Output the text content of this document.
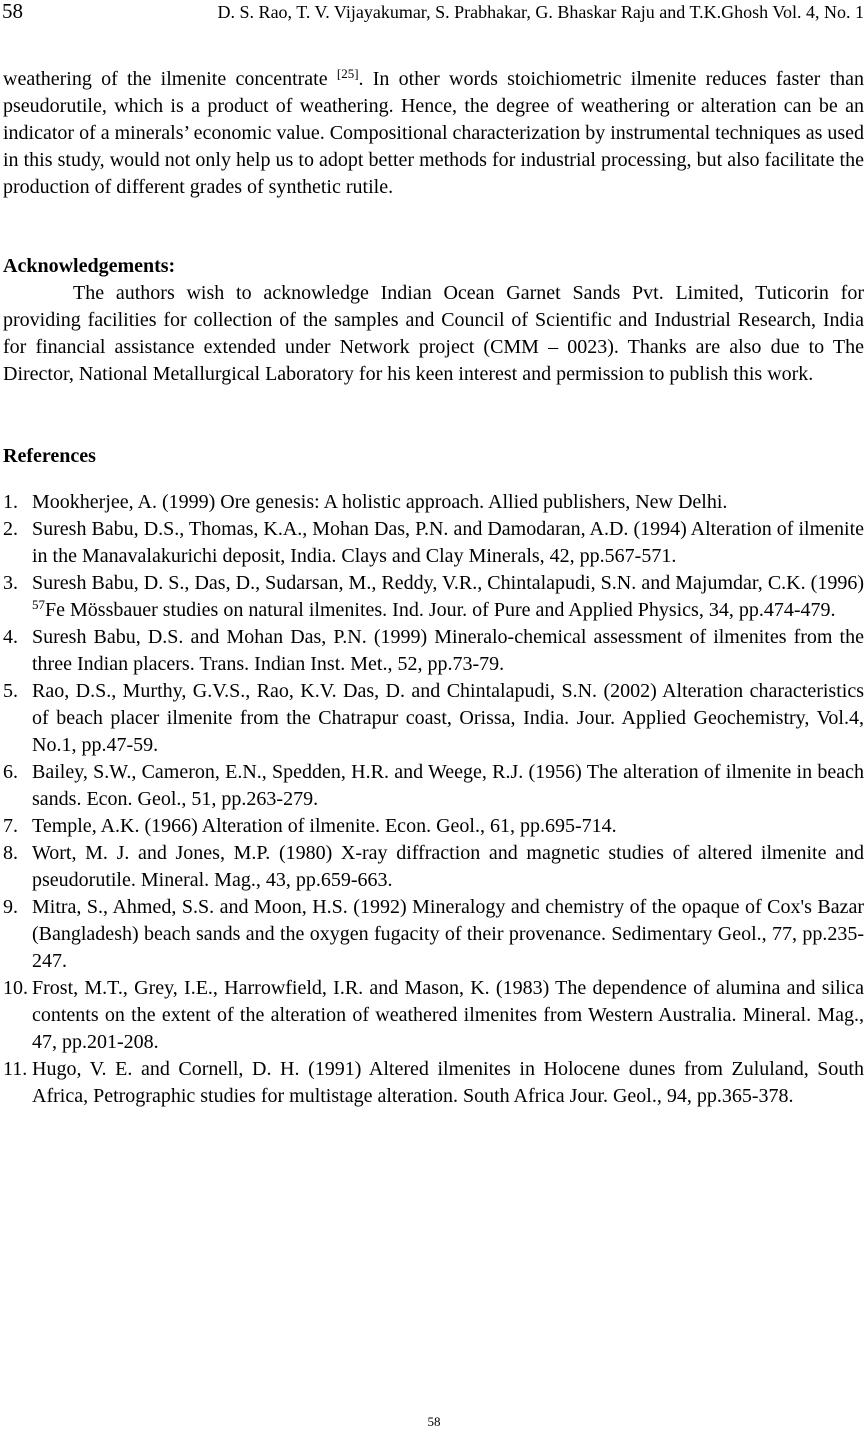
58	D. S. Rao, T. V. Vijayakumar, S. Prabhakar, G. Bhaskar Raju and T.K.Ghosh Vol. 4, No. 1

weathering of the ilmenite concentrate [25]. In other words stoichiometric ilmenite reduces faster than pseudorutile, which is a product of weathering. Hence, the degree of weathering or alteration can be an indicator of a minerals’ economic value. Compositional characterization by instrumental techniques as used in this study, would not only help us to adopt better methods for industrial processing, but also facilitate the production of different grades of synthetic rutile.

Acknowledgements:

The authors wish to acknowledge Indian Ocean Garnet Sands Pvt. Limited, Tuticorin for providing facilities for collection of the samples and Council of Scientific and Industrial Research, India for financial assistance extended under Network project (CMM – 0023). Thanks are also due to The Director, National Metallurgical Laboratory for his keen interest and permission to publish this work.

References
1. Mookherjee, A. (1999) Ore genesis: A holistic approach. Allied publishers, New Delhi.
2. Suresh Babu, D.S., Thomas, K.A., Mohan Das, P.N. and Damodaran, A.D. (1994) Alteration of ilmenite in the Manavalakurichi deposit, India. Clays and Clay Minerals, 42, pp.567-571.
3. Suresh Babu, D. S., Das, D., Sudarsan, M., Reddy, V.R., Chintalapudi, S.N. and Majumdar, C.K. (1996) $^{57}$Fe Mössbauer studies on natural ilmenites. Ind. Jour. of Pure and Applied Physics, 34, pp.474-479.
4. Suresh Babu, D.S. and Mohan Das, P.N. (1999) Mineralo-chemical assessment of ilmenites from the three Indian placers. Trans. Indian Inst. Met., 52, pp.73-79.
5. Rao, D.S., Murthy, G.V.S., Rao, K.V. Das, D. and Chintalapudi, S.N. (2002) Alteration characteristics of beach placer ilmenite from the Chatrapur coast, Orissa, India. Jour. Applied Geochemistry, Vol.4, No.1, pp.47-59.
6. Bailey, S.W., Cameron, E.N., Spedden, H.R. and Weege, R.J. (1956) The alteration of ilmenite in beach sands. Econ. Geol., 51, pp.263-279.
7. Temple, A.K. (1966) Alteration of ilmenite. Econ. Geol., 61, pp.695-714.
8. Wort, M. J. and Jones, M.P. (1980) X-ray diffraction and magnetic studies of altered ilmenite and pseudorutile. Mineral. Mag., 43, pp.659-663.
9. Mitra, S., Ahmed, S.S. and Moon, H.S. (1992) Mineralogy and chemistry of the opaque of Cox's Bazar (Bangladesh) beach sands and the oxygen fugacity of their provenance. Sedimentary Geol., 77, pp.235-247.
10. Frost, M.T., Grey, I.E., Harrowfield, I.R. and Mason, K. (1983) The dependence of alumina and silica contents on the extent of the alteration of weathered ilmenites from Western Australia. Mineral. Mag., 47, pp.201-208.
11. Hugo, V. E. and Cornell, D. H. (1991) Altered ilmenites in Holocene dunes from Zululand, South Africa, Petrographic studies for multistage alteration. South Africa Jour. Geol., 94, pp.365-378.
58
